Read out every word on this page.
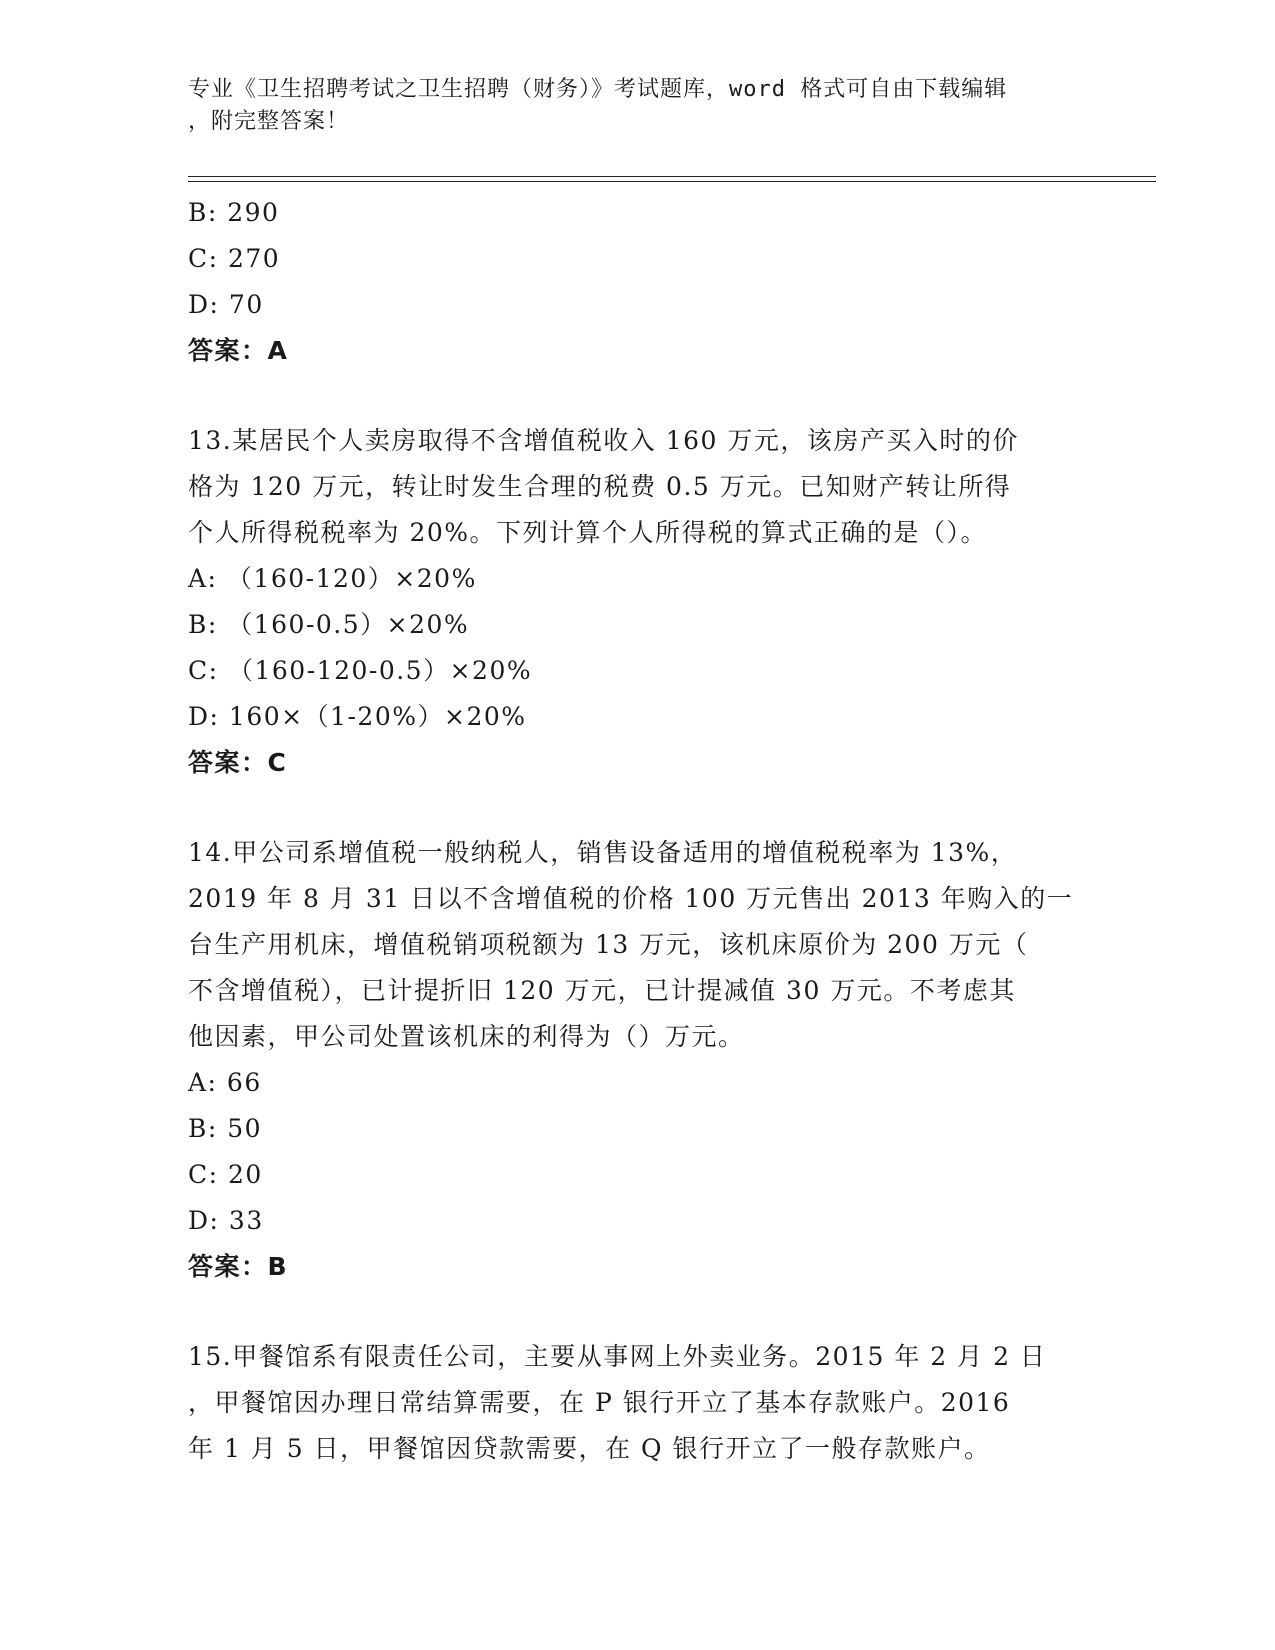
专业《卫生招聘考试之卫生招聘（财务）》考试题库，word 格式可自由下载编辑
，附完整答案！
B: 290
C: 270
D: 70
答案：A
13.某居民个人卖房取得不含增值税收入 160 万元，该房产买入时的价
格为 120 万元，转让时发生合理的税费 0.5 万元。已知财产转让所得
个人所得税税率为 20%。下列计算个人所得税的算式正确的是（）。
A: （160-120）×20%
B: （160-0.5）×20%
C: （160-120-0.5）×20%
D: 160×（1-20%）×20%
答案：C
14.甲公司系增值税一般纳税人，销售设备适用的增值税税率为 13%，
2019 年 8 月 31 日以不含增值税的价格 100 万元售出 2013 年购入的一
台生产用机床，增值税销项税额为 13 万元，该机床原价为 200 万元（
不含增值税），已计提折旧 120 万元，已计提减值 30 万元。不考虑其
他因素，甲公司处置该机床的利得为（）万元。
A: 66
B: 50
C: 20
D: 33
答案：B
15.甲餐馆系有限责任公司，主要从事网上外卖业务。2015 年 2 月 2 日
，甲餐馆因办理日常结算需要，在 P 银行开立了基本存款账户。2016
年 1 月 5 日，甲餐馆因贷款需要，在 Q 银行开立了一般存款账户。
